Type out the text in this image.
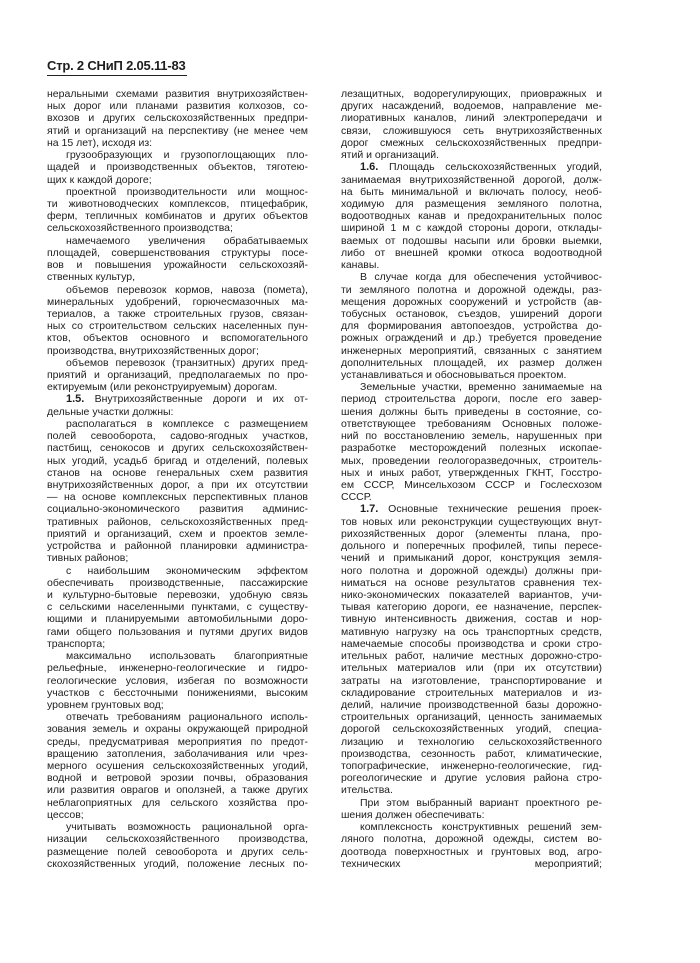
Стр. 2 СНиП 2.05.11-83
неральными схемами развития внутрихозяйствен-
ных дорог или планами развития колхозов, со-
вхозов и других сельскохозяйственных предпри-
ятий и организаций на перспективу (не менее чем
на 15 лет), исходя из:
грузообразующих и грузопоглощающих пло-
щадей и производственных объектов, тяготею-
щих к каждой дороге;
проектной производительности или мощнос-
ти животноводческих комплексов, птицефабрик,
ферм, тепличных комбинатов и других объектов
сельскохозяйственного производства;
намечаемого увеличения обрабатываемых
площадей, совершенствования структуры посе-
вов и повышения урожайности сельскохозяй-
ственных культур,
объемов перевозок кормов, навоза (помета),
минеральных удобрений, горючесмазочных ма-
териалов, а также строительных грузов, связан-
ных со строительством сельских населенных пун-
ктов, объектов основного и вспомогательного
производства, внутрихозяйственных дорог;
объемов перевозок (транзитных) других пред-
приятий и организаций, предполагаемых по про-
ектируемым (или реконструируемым) дорогам.
1.5. Внутрихозяйственные дороги и их от-
дельные участки должны:
располагаться в комплексе с размещением
полей севооборота, садово-ягодных участков,
пастбищ, сенокосов и других сельскохозяйствен-
ных угодий, усадьб бригад и отделений, полевых
станов на основе генеральных схем развития
внутрихозяйственных дорог, а при их отсутствии
— на основе комплексных перспективных планов
социально-экономического развития админис-
тративных районов, сельскохозяйственных пред-
приятий и организаций, схем и проектов земле-
устройства и районной планировки администра-
тивных районов;
с наибольшим экономическим эффектом
обеспечивать производственные, пассажирские
и культурно-бытовые перевозки, удобную связь
с сельскими населенными пунктами, с существу-
ющими и планируемыми автомобильными доро-
гами общего пользования и путями других видов
транспорта;
максимально использовать благоприятные
рельефные, инженерно-геологические и гидро-
геологические условия, избегая по возможности
участков с бессточными понижениями, высоким
уровнем грунтовых вод;
отвечать требованиям рационального исполь-
зования земель и охраны окружающей природной
среды, предусматривая мероприятия по предот-
вращению затопления, заболачивания или чрез-
мерного осушения сельскохозяйственных угодий,
водной и ветровой эрозии почвы, образования
или развития оврагов и оползней, а также других
неблагоприятных для сельского хозяйства про-
цессов;
учитывать возможность рациональной орга-
низации сельскохозяйственного производства,
размещение полей севооборота и других сель-
скохозяйственных угодий, положение лесных по-
лезащитных, водорегулирующих, приовражных и
других насаждений, водоемов, направление ме-
лиоративных каналов, линий электропередачи и
связи, сложившуюся сеть внутрихозяйственных
дорог смежных сельскохозяйственных предпри-
ятий и организаций.
1.6. Площадь сельскохозяйственных угодий,
занимаемая внутрихозяйственной дорогой, долж-
на быть минимальной и включать полосу, необ-
ходимую для размещения земляного полотна,
водоотводных канав и предохранительных полос
шириной 1 м с каждой стороны дороги, отклады-
ваемых от подошвы насыпи или бровки выемки,
либо от внешней кромки откоса водоотводной
канавы.
В случае когда для обеспечения устойчивос-
ти земляного полотна и дорожной одежды, раз-
мещения дорожных сооружений и устройств (ав-
тобусных остановок, съездов, уширений дороги
для формирования автопоездов, устройства до-
рожных ограждений и др.) требуется проведение
инженерных мероприятий, связанных с занятием
дополнительных площадей, их размер должен
устанавливаться и обосновываться проектом.
Земельные участки, временно занимаемые на
период строительства дороги, после его завер-
шения должны быть приведены в состояние, со-
ответствующее требованиям Основных положе-
ний по восстановлению земель, нарушенных при
разработке месторождений полезных ископае-
мых, проведении геологоразведочных, строитель-
ных и иных работ, утвержденных ГКНТ, Госстро-
ем СССР, Минсельхозом СССР и Гослесхозом
СССР.
1.7. Основные технические решения проек-
тов новых или реконструкции существующих внут-
рихозяйственных дорог (элементы плана, про-
дольного и поперечных профилей, типы пересе-
чений и примыканий дорог, конструкция земля-
ного полотна и дорожной одежды) должны при-
ниматься на основе результатов сравнения тех-
нико-экономических показателей вариантов, учи-
тывая категорию дороги, ее назначение, перспек-
тивную интенсивность движения, состав и нор-
мативную нагрузку на ось транспортных средств,
намечаемые способы производства и сроки стро-
ительных работ, наличие местных дорожно-стро-
ительных материалов или (при их отсутствии)
затраты на изготовление, транспортирование и
складирование строительных материалов и из-
делий, наличие производственной базы дорожно-
строительных организаций, ценность занимаемых
дорогой сельскохозяйственных угодий, специа-
лизацию и технологию сельскохозяйственного
производства, сезонность работ, климатические,
топографические, инженерно-геологические, гид-
рогеологические и другие условия района стро-
ительства.
При этом выбранный вариант проектного ре-
шения должен обеспечивать:
комплексность конструктивных решений зем-
ляного полотна, дорожной одежды, систем во-
доотвода поверхностных и грунтовых вод, агро-
технических мероприятий;
